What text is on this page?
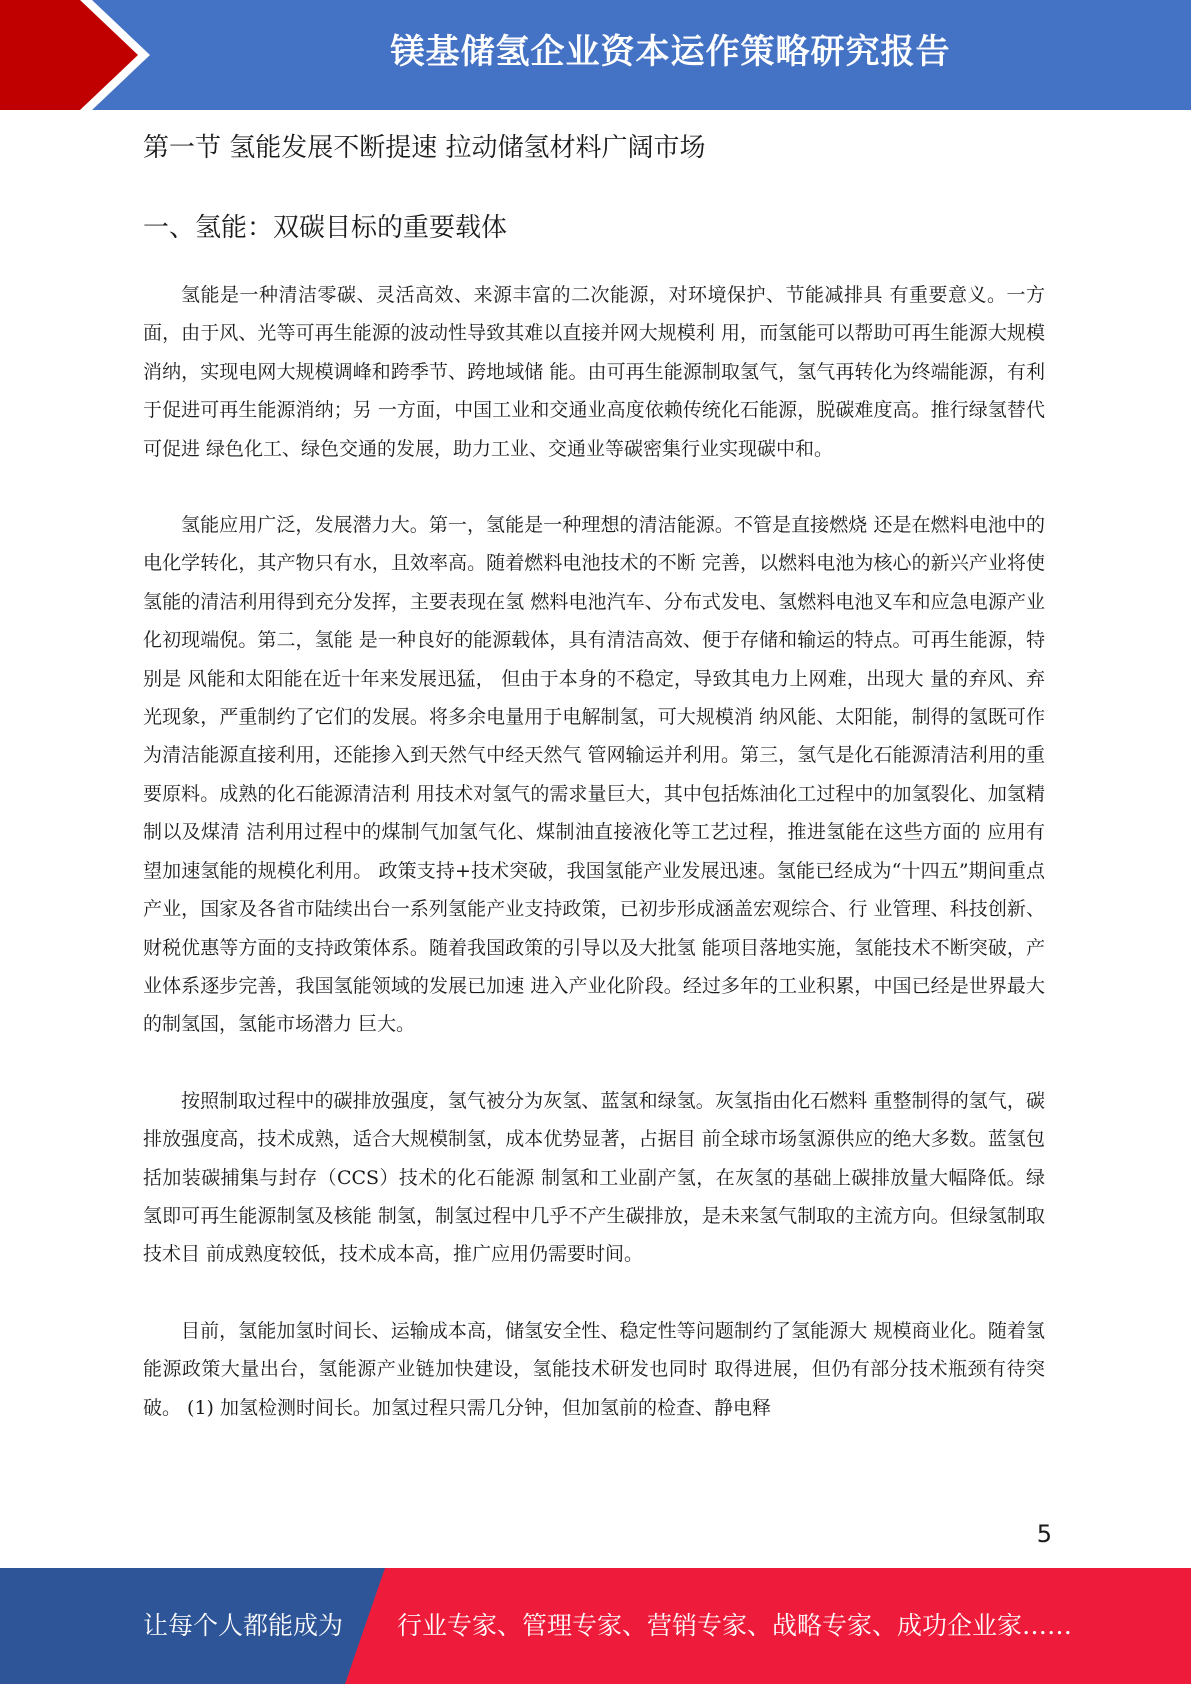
镁基储氢企业资本运作策略研究报告
第一节 氢能发展不断提速 拉动储氢材料广阔市场
一、氢能：双碳目标的重要载体

氢能是一种清洁零碳、灵活高效、来源丰富的二次能源，对环境保护、节能减排具 有重要意义。一方面，由于风、光等可再生能源的波动性导致其难以直接并网大规模利 用，而氢能可以帮助可再生能源大规模消纳，实现电网大规模调峰和跨季节、跨地域储 能。由可再生能源制取氢气，氢气再转化为终端能源，有利于促进可再生能源消纳；另 一方面，中国工业和交通业高度依赖传统化石能源，脱碳难度高。推行绿氢替代可促进 绿色化工、绿色交通的发展，助力工业、交通业等碳密集行业实现碳中和。

氢能应用广泛，发展潜力大。第一，氢能是一种理想的清洁能源。不管是直接燃烧 还是在燃料电池中的电化学转化，其产物只有水，且效率高。随着燃料电池技术的不断 完善，以燃料电池为核心的新兴产业将使氢能的清洁利用得到充分发挥，主要表现在氢 燃料电池汽车、分布式发电、氢燃料电池叉车和应急电源产业化初现端倪。第二，氢能 是一种良好的能源载体，具有清洁高效、便于存储和输运的特点。可再生能源，特别是 风能和太阳能在近十年来发展迅猛， 但由于本身的不稳定，导致其电力上网难，出现大 量的弃风、弃光现象，严重制约了它们的发展。将多余电量用于电解制氢，可大规模消 纳风能、太阳能，制得的氢既可作为清洁能源直接利用，还能掺入到天然气中经天然气 管网输运并利用。第三，氢气是化石能源清洁利用的重要原料。成熟的化石能源清洁利 用技术对氢气的需求量巨大，其中包括炼油化工过程中的加氢裂化、加氢精制以及煤清 洁利用过程中的煤制气加氢气化、煤制油直接液化等工艺过程，推进氢能在这些方面的 应用有望加速氢能的规模化利用。 政策支持+技术突破，我国氢能产业发展迅速。氢能已经成为“十四五”期间重点 产业，国家及各省市陆续出台一系列氢能产业支持政策，已初步形成涵盖宏观综合、行 业管理、科技创新、财税优惠等方面的支持政策体系。随着我国政策的引导以及大批氢 能项目落地实施，氢能技术不断突破，产业体系逐步完善，我国氢能领域的发展已加速 进入产业化阶段。经过多年的工业积累，中国已经是世界最大的制氢国，氢能市场潜力 巨大。

按照制取过程中的碳排放强度，氢气被分为灰氢、蓝氢和绿氢。灰氢指由化石燃料 重整制得的氢气，碳排放强度高，技术成熟，适合大规模制氢，成本优势显著，占据目 前全球市场氢源供应的绝大多数。蓝氢包括加装碳捕集与封存（CCS）技术的化石能源 制氢和工业副产氢，在灰氢的基础上碳排放量大幅降低。绿氢即可再生能源制氢及核能 制氢，制氢过程中几乎不产生碳排放，是未来氢气制取的主流方向。但绿氢制取技术目 前成熟度较低，技术成本高，推广应用仍需要时间。

目前，氢能加氢时间长、运输成本高，储氢安全性、稳定性等问题制约了氢能源大 规模商业化。随着氢能源政策大量出台，氢能源产业链加快建设，氢能技术研发也同时 取得进展，但仍有部分技术瓶颈有待突破。 (1) 加氢检测时间长。加氢过程只需几分钟，但加氢前的检查、静电释

5
让每个人都能成为 行业专家、管理专家、营销专家、战略专家、成功企业家……
